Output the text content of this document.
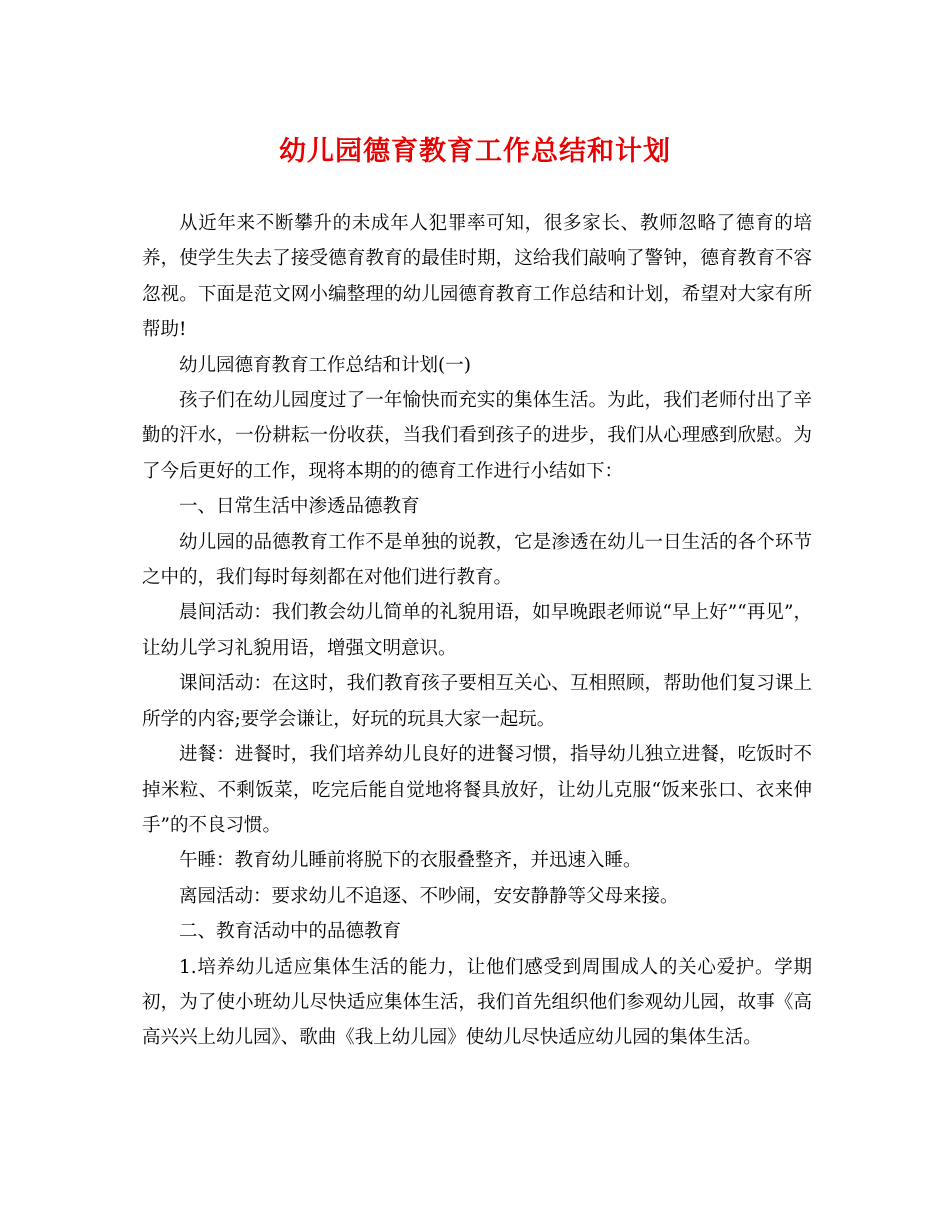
幼儿园德育教育工作总结和计划

从近年来不断攀升的未成年人犯罪率可知，很多家长、教师忽略了德育的培养，使学生失去了接受德育教育的最佳时期，这给我们敲响了警钟，德育教育不容忽视。下面是范文网小编整理的幼儿园德育教育工作总结和计划，希望对大家有所帮助!

幼儿园德育教育工作总结和计划(一)

孩子们在幼儿园度过了一年愉快而充实的集体生活。为此，我们老师付出了辛勤的汗水，一份耕耘一份收获，当我们看到孩子的进步，我们从心理感到欣慰。为了今后更好的工作，现将本期的的德育工作进行小结如下：

一、日常生活中渗透品德教育

幼儿园的品德教育工作不是单独的说教，它是渗透在幼儿一日生活的各个环节之中的，我们每时每刻都在对他们进行教育。

晨间活动：我们教会幼儿简单的礼貌用语，如早晚跟老师说“早上好”“再见”，让幼儿学习礼貌用语，增强文明意识。

课间活动：在这时，我们教育孩子要相互关心、互相照顾，帮助他们复习课上所学的内容;要学会谦让，好玩的玩具大家一起玩。

进餐：进餐时，我们培养幼儿良好的进餐习惯，指导幼儿独立进餐，吃饭时不掉米粒、不剩饭菜，吃完后能自觉地将餐具放好，让幼儿克服“饭来张口、衣来伸手”的不良习惯。

午睡：教育幼儿睡前将脱下的衣服叠整齐，并迅速入睡。

离园活动：要求幼儿不追逐、不吵闹，安安静静等父母来接。

二、教育活动中的品德教育

1.培养幼儿适应集体生活的能力，让他们感受到周围成人的关心爱护。学期初，为了使小班幼儿尽快适应集体生活，我们首先组织他们参观幼儿园，故事《高高兴兴上幼儿园》、歌曲《我上幼儿园》使幼儿尽快适应幼儿园的集体生活。
